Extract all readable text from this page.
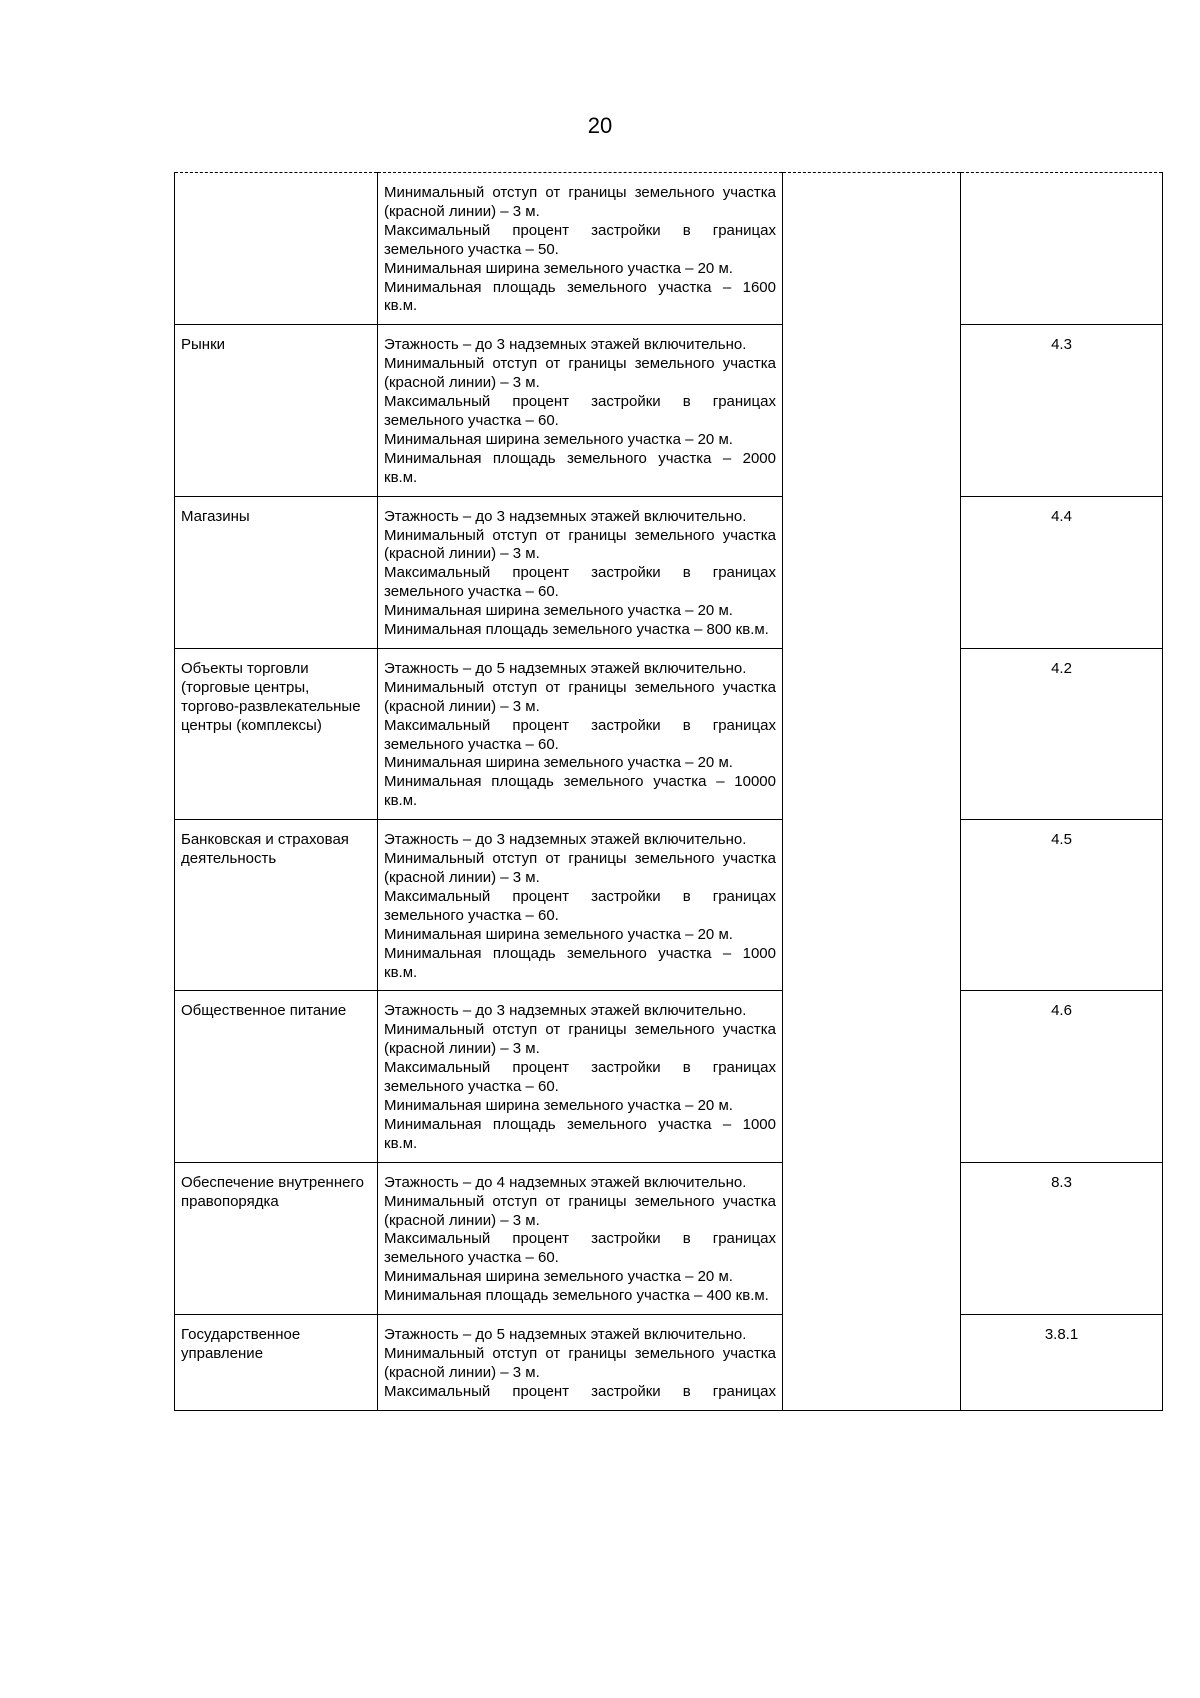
20

	Минимальный отступ от границы земельного участка (красной линии) – 3 м.
Максимальный процент застройки в границах земельного участка – 50.
Минимальная ширина земельного участка – 20 м.
Минимальная площадь земельного участка – 1600 кв.м.		

Рынки	Этажность – до 3 надземных этажей включительно.
Минимальный отступ от границы земельного участка (красной линии) – 3 м.
Максимальный процент застройки в границах земельного участка – 60.
Минимальная ширина земельного участка – 20 м.
Минимальная площадь земельного участка – 2000 кв.м.		4.3

Магазины	Этажность – до 3 надземных этажей включительно.
Минимальный отступ от границы земельного участка (красной линии) – 3 м.
Максимальный процент застройки в границах земельного участка – 60.
Минимальная ширина земельного участка – 20 м.
Минимальная площадь земельного участка – 800 кв.м.		4.4

Объекты торговли (торговые центры, торгово-развлекательные центры (комплексы)	Этажность – до 5 надземных этажей включительно.
Минимальный отступ от границы земельного участка (красной линии) – 3 м.
Максимальный процент застройки в границах земельного участка – 60.
Минимальная ширина земельного участка – 20 м.
Минимальная площадь земельного участка – 10000 кв.м.		4.2

Банковская и страховая деятельность	Этажность – до 3 надземных этажей включительно.
Минимальный отступ от границы земельного участка (красной линии) – 3 м.
Максимальный процент застройки в границах земельного участка – 60.
Минимальная ширина земельного участка – 20 м.
Минимальная площадь земельного участка – 1000 кв.м.		4.5

Общественное питание	Этажность – до 3 надземных этажей включительно.
Минимальный отступ от границы земельного участка (красной линии) – 3 м.
Максимальный процент застройки в границах земельного участка – 60.
Минимальная ширина земельного участка – 20 м.
Минимальная площадь земельного участка – 1000 кв.м.		4.6

Обеспечение внутреннего правопорядка	Этажность – до 4 надземных этажей включительно.
Минимальный отступ от границы земельного участка (красной линии) – 3 м.
Максимальный процент застройки в границах земельного участка – 60.
Минимальная ширина земельного участка – 20 м.
Минимальная площадь земельного участка – 400 кв.м.		8.3

Государственное управление	Этажность – до 5 надземных этажей включительно.
Минимальный отступ от границы земельного участка (красной линии) – 3 м.
Максимальный процент застройки в границах		3.8.1
